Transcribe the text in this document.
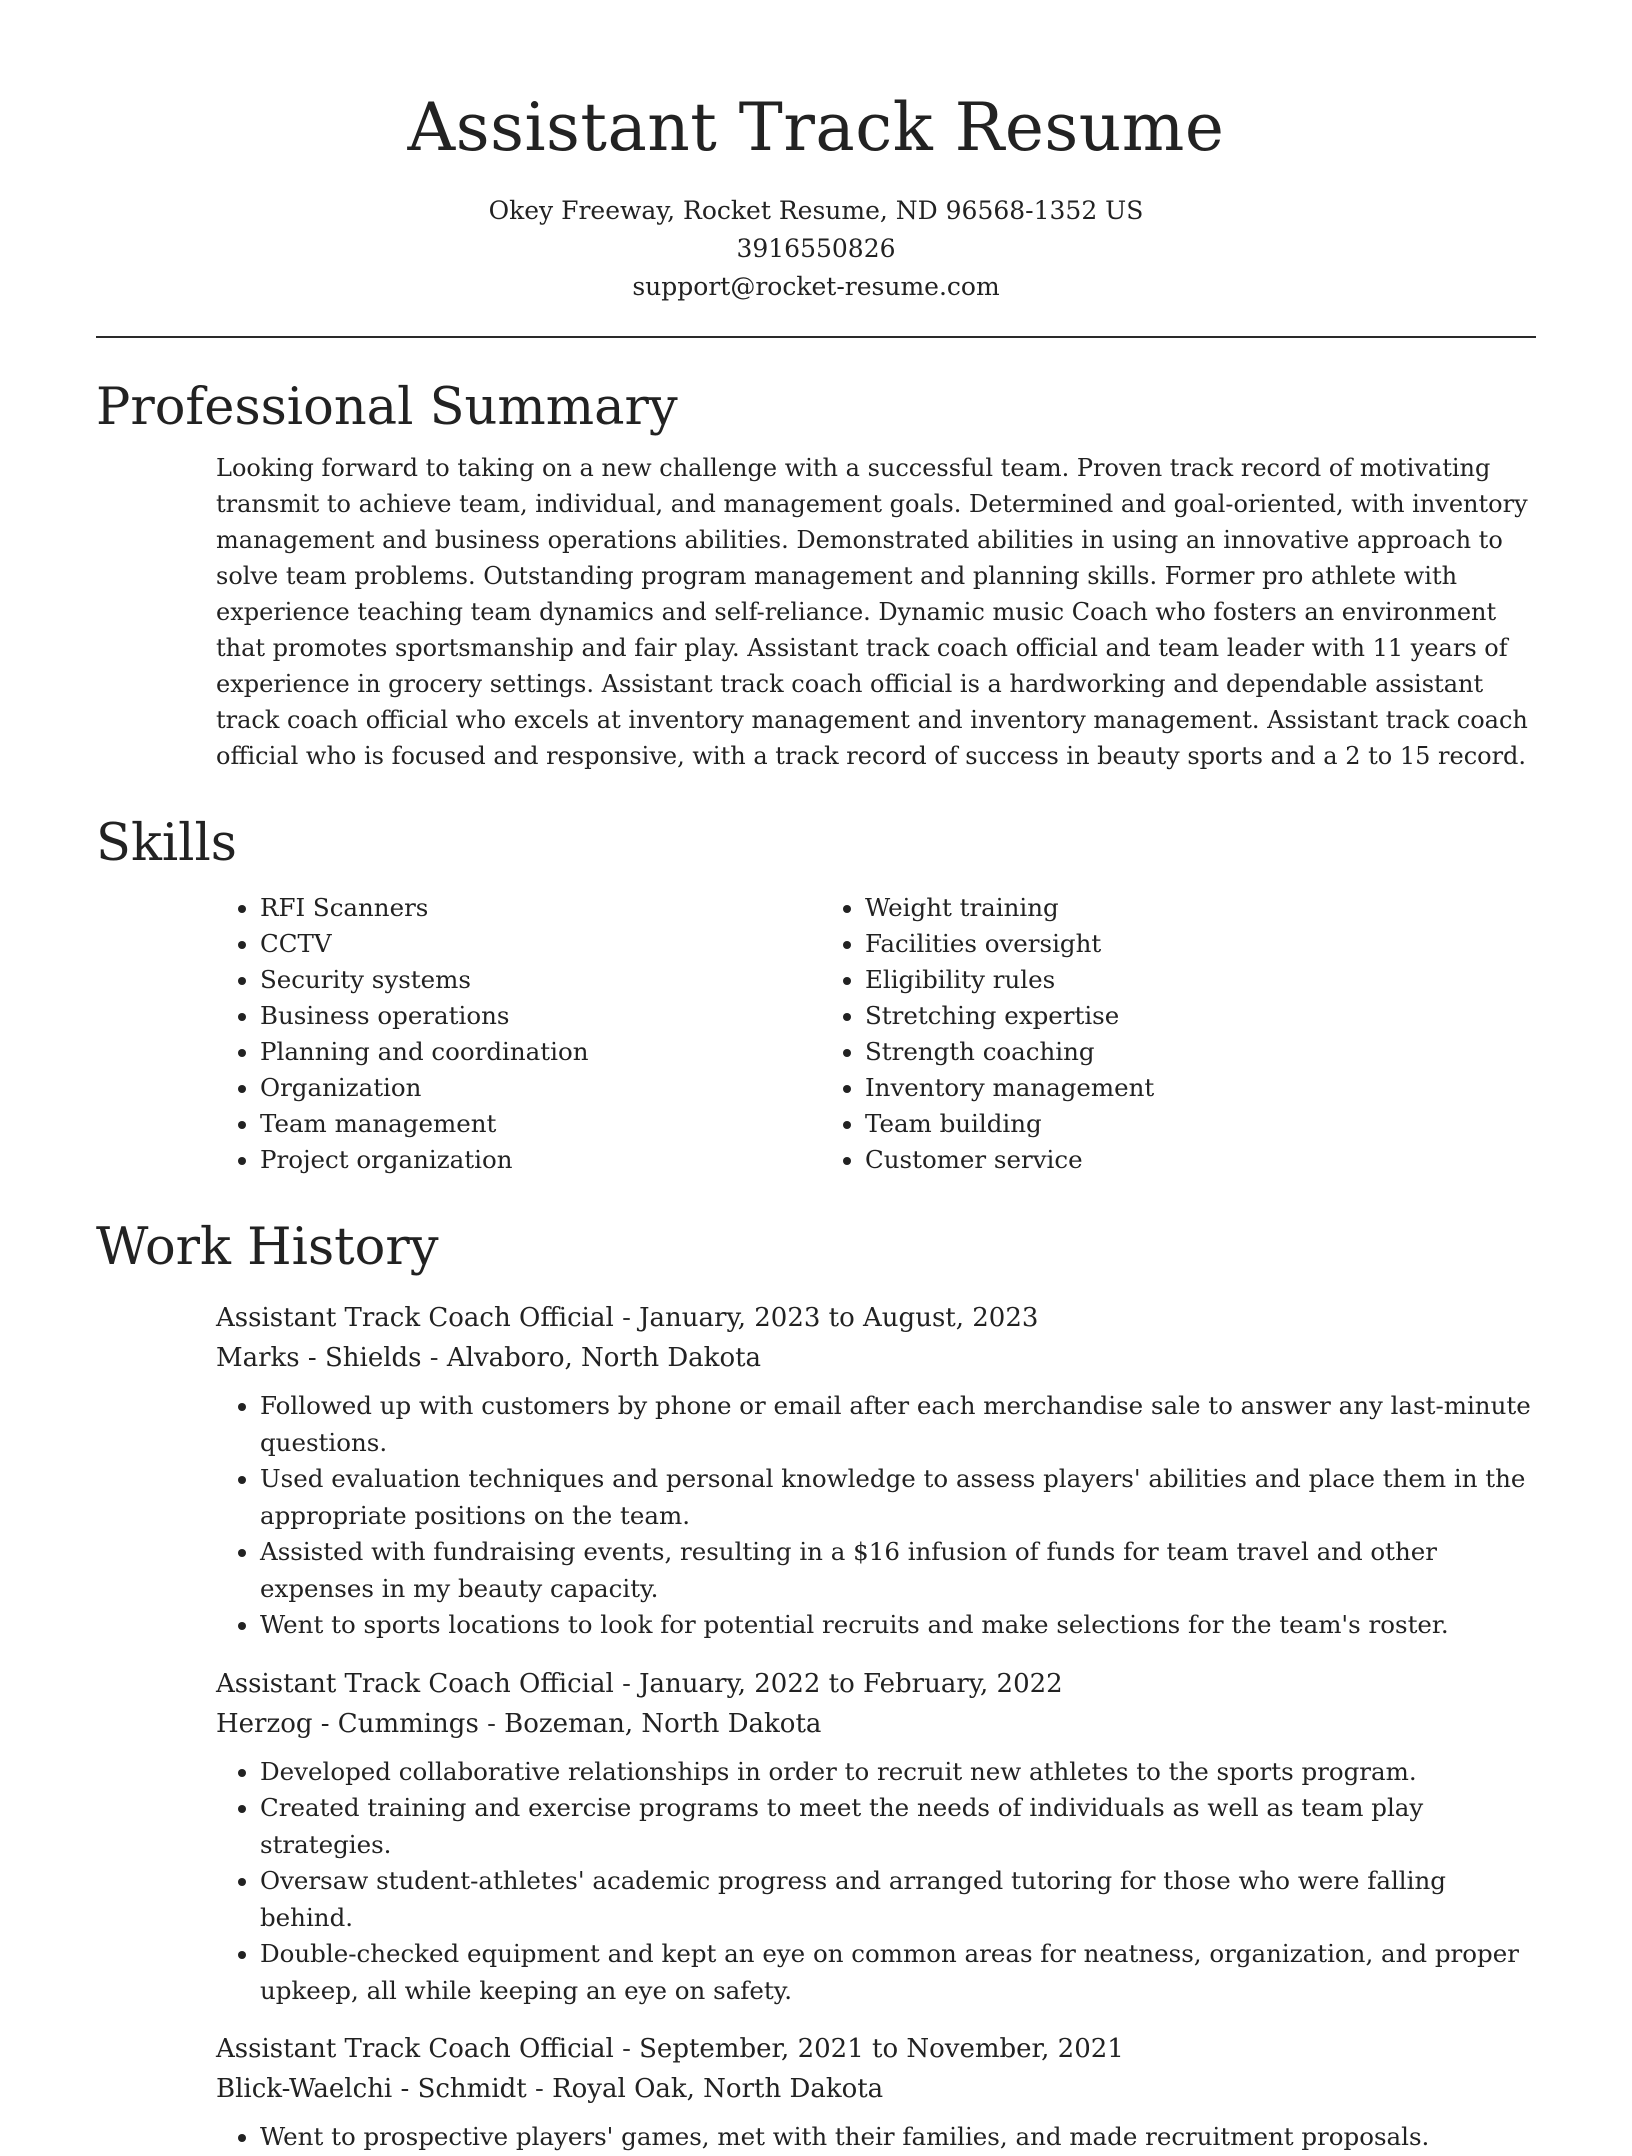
Assistant Track Resume
Okey Freeway, Rocket Resume, ND 96568-1352 US
3916550826
support@rocket-resume.com
Professional Summary

Looking forward to taking on a new challenge with a successful team. Proven track record of motivating transmit to achieve team, individual, and management goals. Determined and goal-oriented, with inventory management and business operations abilities. Demonstrated abilities in using an innovative approach to solve team problems. Outstanding program management and planning skills. Former pro athlete with experience teaching team dynamics and self-reliance. Dynamic music Coach who fosters an environment that promotes sportsmanship and fair play. Assistant track coach official and team leader with 11 years of experience in grocery settings. Assistant track coach official is a hardworking and dependable assistant track coach official who excels at inventory management and inventory management. Assistant track coach official who is focused and responsive, with a track record of success in beauty sports and a 2 to 15 record.

Skills
• RFI Scanners
• CCTV
• Security systems
• Business operations
• Planning and coordination
• Organization
• Team management
• Project organization
• Weight training
• Facilities oversight
• Eligibility rules
• Stretching expertise
• Strength coaching
• Inventory management
• Team building
• Customer service
Work History
Assistant Track Coach Official - January, 2023 to August, 2023
Marks - Shields - Alvaboro, North Dakota
• Followed up with customers by phone or email after each merchandise sale to answer any last-minute questions.
• Used evaluation techniques and personal knowledge to assess players' abilities and place them in the appropriate positions on the team.
• Assisted with fundraising events, resulting in a $16 infusion of funds for team travel and other expenses in my beauty capacity.
• Went to sports locations to look for potential recruits and make selections for the team's roster.
Assistant Track Coach Official - January, 2022 to February, 2022
Herzog - Cummings - Bozeman, North Dakota
• Developed collaborative relationships in order to recruit new athletes to the sports program.
• Created training and exercise programs to meet the needs of individuals as well as team play strategies.
• Oversaw student-athletes' academic progress and arranged tutoring for those who were falling behind.
• Double-checked equipment and kept an eye on common areas for neatness, organization, and proper upkeep, all while keeping an eye on safety.
Assistant Track Coach Official - September, 2021 to November, 2021
Blick-Waelchi - Schmidt - Royal Oak, North Dakota
• Went to prospective players' games, met with their families, and made recruitment proposals.
